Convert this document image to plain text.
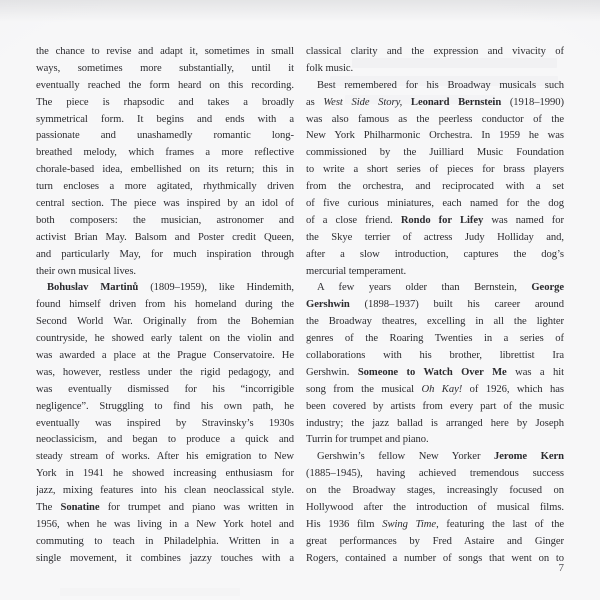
the chance to revise and adapt it, sometimes in small
ways, sometimes more substantially, until it
eventually reached the form heard on this recording.
The piece is rhapsodic and takes a broadly
symmetrical form. It begins and ends with a
passionate and unashamedly romantic long-
breathed melody, which frames a more reflective
chorale-based idea, embellished on its return; this in
turn encloses a more agitated, rhythmically driven
central section. The piece was inspired by an idol of
both composers: the musician, astronomer and
activist Brian May. Balsom and Poster credit Queen,
and particularly May, for much inspiration through
their own musical lives.
Bohuslav Martinů (1809–1959), like Hindemith,
found himself driven from his homeland during the
Second World War. Originally from the Bohemian
countryside, he showed early talent on the violin and
was awarded a place at the Prague Conservatoire. He
was, however, restless under the rigid pedagogy, and
was eventually dismissed for his “incorrigible
negligence”. Struggling to find his own path, he
eventually was inspired by Stravinsky’s 1930s
neoclassicism, and began to produce a quick and
steady stream of works. After his emigration to New
York in 1941 he showed increasing enthusiasm for
jazz, mixing features into his clean neoclassical style.
The Sonatine for trumpet and piano was written in
1956, when he was living in a New York hotel and
commuting to teach in Philadelphia. Written in a
single movement, it combines jazzy touches with a
classical clarity and the expression and vivacity of
folk music.
Best remembered for his Broadway musicals such
as West Side Story, Leonard Bernstein (1918–1990)
was also famous as the peerless conductor of the
New York Philharmonic Orchestra. In 1959 he was
commissioned by the Juilliard Music Foundation
to write a short series of pieces for brass players
from the orchestra, and reciprocated with a set
of five curious miniatures, each named for the dog
of a close friend. Rondo for Lifey was named for
the Skye terrier of actress Judy Holliday and,
after a slow introduction, captures the dog’s
mercurial temperament.
A few years older than Bernstein, George
Gershwin (1898–1937) built his career around
the Broadway theatres, excelling in all the lighter
genres of the Roaring Twenties in a series of
collaborations with his brother, librettist Ira
Gershwin. Someone to Watch Over Me was a hit
song from the musical Oh Kay! of 1926, which has
been covered by artists from every part of the music
industry; the jazz ballad is arranged here by Joseph
Turrin for trumpet and piano.
Gershwin’s fellow New Yorker Jerome Kern
(1885–1945), having achieved tremendous success
on the Broadway stages, increasingly focused on
Hollywood after the introduction of musical films.
His 1936 film Swing Time, featuring the last of the
great performances by Fred Astaire and Ginger
Rogers, contained a number of songs that went on to
7
